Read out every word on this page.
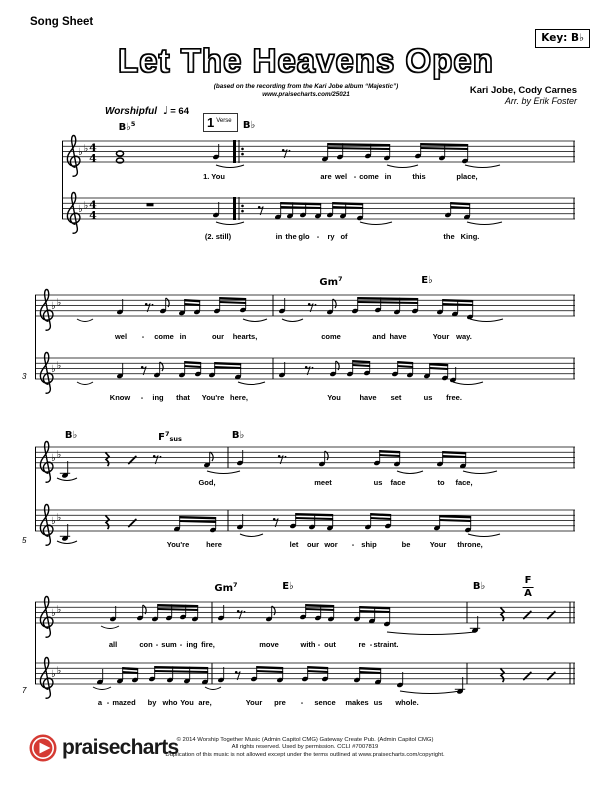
Song Sheet
Key: B♭
Let The Heavens Open
(based on the recording from the Kari Jobe album “Majestic”)
www.praisecharts.com/25021	Kari Jobe, Cody Carnes
Arr. by Erik Foster
Worshipful ♩ = 64
1 Verse
B♭$^5$	B♭
Gm$^7$	E♭
B♭	$F^7_{sus}$	B♭
Gm$^7$	E♭	B♭
F
A
♭ ♭ 4
4
♭ ♭ 4
4
♭ ♭
♭ ♭
♭ ♭
♭ ♭
♭ ♭
♭ ♭
1. You	are wel - come in	this	place,
(2. still)	in the glo - ry of	the King.
wel - come in	our hearts,	come	and have	Your way.
Know - ing that You're here,	You have set	us free.
God,	meet	us face	to face,
You're here	let our wor - ship	be	Your throne,
all	con - sum - ing fire,	move	with - out	re - straint.
a - mazed by who You are,	Your pre - sence makes us whole.
3
5
7
praisecharts
© 2014 Worship Together Music (Admin Capitol CMG) Gateway Create Pub. (Admin Capitol CMG)
All rights reserved. Used by permission. CCLI #7007819
Duplication of this music is not allowed except under the terms outlined at www.praisecharts.com/copyright.
